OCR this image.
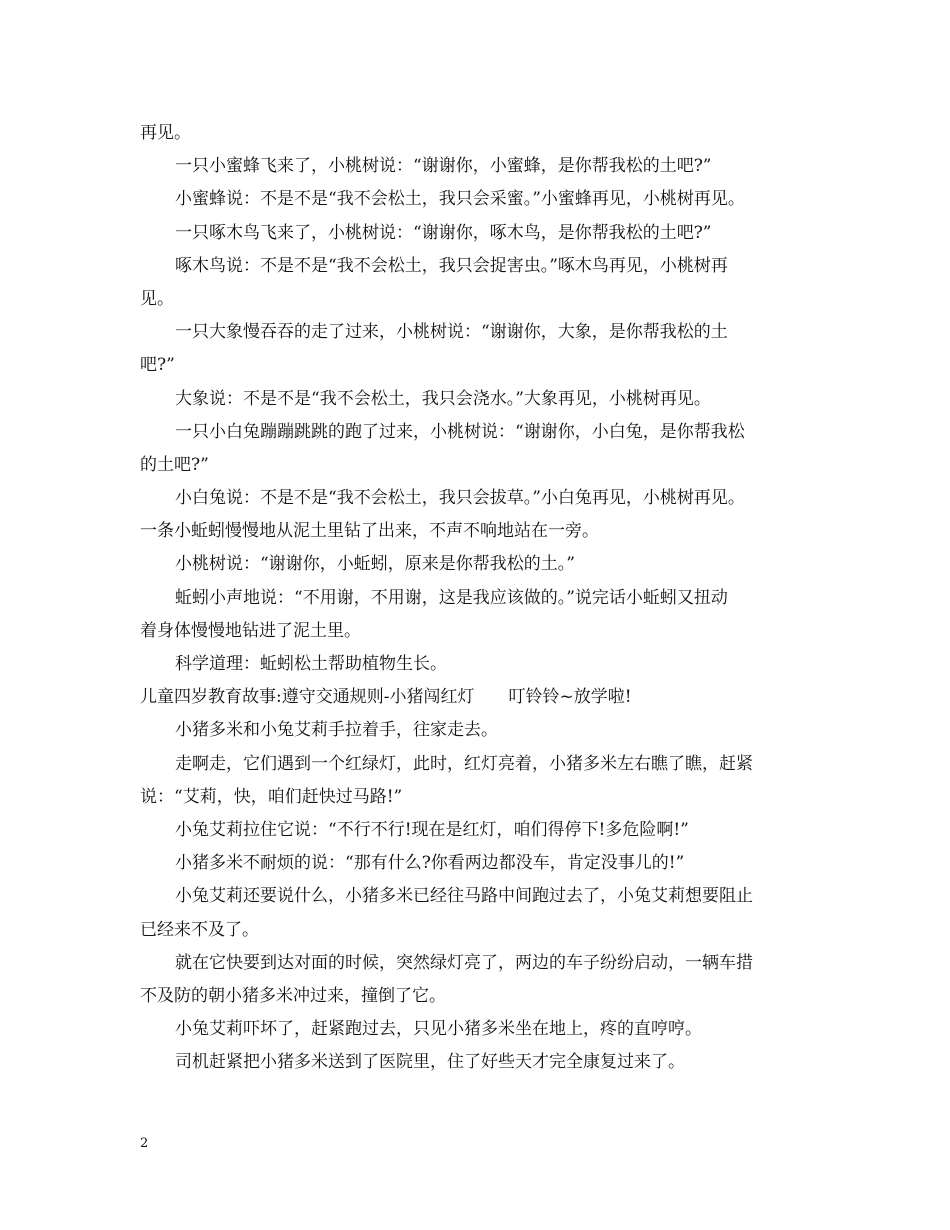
再见。
一只小蜜蜂飞来了，小桃树说：“谢谢你，小蜜蜂，是你帮我松的土吧?”
小蜜蜂说：不是不是“我不会松土，我只会采蜜。”小蜜蜂再见，小桃树再见。
一只啄木鸟飞来了，小桃树说：“谢谢你，啄木鸟，是你帮我松的土吧?”
啄木鸟说：不是不是“我不会松土，我只会捉害虫。”啄木鸟再见，小桃树再
见。
一只大象慢吞吞的走了过来，小桃树说：“谢谢你，大象，是你帮我松的土
吧?”
大象说：不是不是“我不会松土，我只会浇水。”大象再见，小桃树再见。
一只小白兔蹦蹦跳跳的跑了过来，小桃树说：“谢谢你，小白兔，是你帮我松
的土吧?”
小白兔说：不是不是“我不会松土，我只会拔草。”小白兔再见，小桃树再见。
一条小蚯蚓慢慢地从泥土里钻了出来，不声不响地站在一旁。
小桃树说：“谢谢你，小蚯蚓，原来是你帮我松的土。”
蚯蚓小声地说：“不用谢，不用谢，这是我应该做的。”说完话小蚯蚓又扭动
着身体慢慢地钻进了泥土里。
科学道理：蚯蚓松土帮助植物生长。
儿童四岁教育故事:遵守交通规则-小猪闯红灯　　叮铃铃~放学啦!
小猪多米和小兔艾莉手拉着手，往家走去。
走啊走，它们遇到一个红绿灯，此时，红灯亮着，小猪多米左右瞧了瞧，赶紧
说：“艾莉，快，咱们赶快过马路!”
小兔艾莉拉住它说：“不行不行!现在是红灯，咱们得停下!多危险啊!”
小猪多米不耐烦的说：“那有什么?你看两边都没车，肯定没事儿的!”
小兔艾莉还要说什么，小猪多米已经往马路中间跑过去了，小兔艾莉想要阻止
已经来不及了。
就在它快要到达对面的时候，突然绿灯亮了，两边的车子纷纷启动，一辆车措
不及防的朝小猪多米冲过来，撞倒了它。
小兔艾莉吓坏了，赶紧跑过去，只见小猪多米坐在地上，疼的直哼哼。
司机赶紧把小猪多米送到了医院里，住了好些天才完全康复过来了。
2
